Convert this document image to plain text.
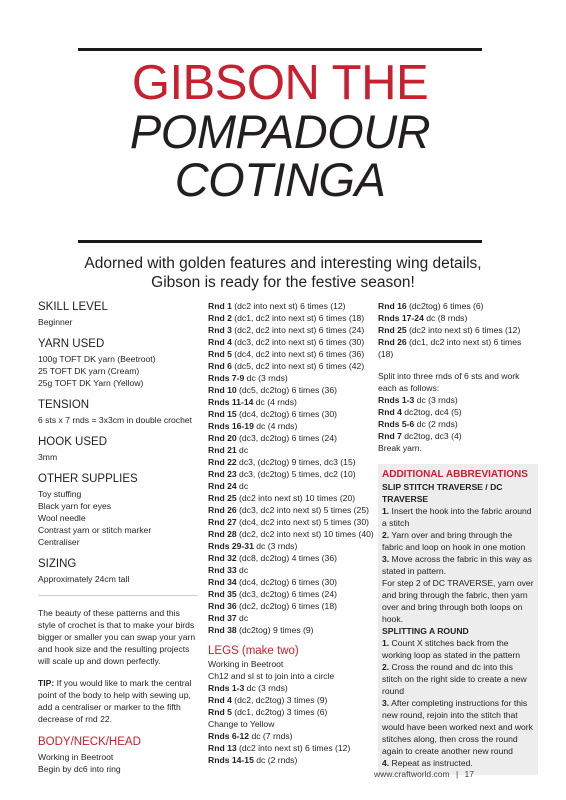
GIBSON THE
POMPADOUR
COTINGA
Adorned with golden features and interesting wing details, Gibson is ready for the festive season!
SKILL LEVEL
Beginner
YARN USED
100g TOFT DK yarn (Beetroot)
25 TOFT DK yarn (Cream)
25g TOFT DK Yarn (Yellow)
TENSION
6 sts x 7 rnds = 3x3cm in double crochet
HOOK USED
3mm
OTHER SUPPLIES
Toy stuffing
Black yarn for eyes
Wool needle
Contrast yarn or stitch marker
Centraliser
SIZING
Approximately 24cm tall
The beauty of these patterns and this style of crochet is that to make your birds bigger or smaller you can swap your yarn and hook size and the resulting projects will scale up and down perfectly.
TIP: If you would like to mark the central point of the body to help with sewing up, add a centraliser or marker to the fifth decrease of rnd 22.
BODY/NECK/HEAD
Working in Beetroot
Begin by dc6 into ring
Rnd 1 (dc2 into next st) 6 times (12)
Rnd 2 (dc1, dc2 into next st) 6 times (18)
Rnd 3 (dc2, dc2 into next st) 6 times (24)
Rnd 4 (dc3, dc2 into next st) 6 times (30)
Rnd 5 (dc4, dc2 into next st) 6 times (36)
Rnd 6 (dc5, dc2 into next st) 6 times (42)
Rnds 7-9 dc (3 rnds)
Rnd 10 (dc5, dc2tog) 6 times (36)
Rnds 11-14 dc (4 rnds)
Rnd 15 (dc4, dc2tog) 6 times (30)
Rnds 16-19 dc (4 rnds)
Rnd 20 (dc3, dc2tog) 6 times (24)
Rnd 21 dc
Rnd 22 dc3, (dc2tog) 9 times, dc3 (15)
Rnd 23 dc3, (dc2tog) 5 times, dc2 (10)
Rnd 24 dc
Rnd 25 (dc2 into next st) 10 times (20)
Rnd 26 (dc3, dc2 into next st) 5 times (25)
Rnd 27 (dc4, dc2 into next st) 5 times (30)
Rnd 28 (dc2, dc2 into next st) 10 times (40)
Rnds 29-31 dc (3 rnds)
Rnd 32 (dc8, dc2tog) 4 times (36)
Rnd 33 dc
Rnd 34 (dc4, dc2tog) 6 times (30)
Rnd 35 (dc3, dc2tog) 6 times (24)
Rnd 36 (dc2, dc2tog) 6 times (18)
Rnd 37 dc
Rnd 38 (dc2tog) 9 times (9)
LEGS (make two)
Working in Beetroot
Ch12 and sl st to join into a circle
Rnds 1-3 dc (3 rnds)
Rnd 4 (dc2, dc2tog) 3 times (9)
Rnd 5 (dc1, dc2tog) 3 times (6)
Change to Yellow
Rnds 6-12 dc (7 rnds)
Rnd 13 (dc2 into next st) 6 times (12)
Rnds 14-15 dc (2 rnds)
Rnd 16 (dc2tog) 6 times (6)
Rnds 17-24 dc (8 rnds)
Rnd 25 (dc2 into next st) 6 times (12)
Rnd 26 (dc1, dc2 into next st) 6 times (18)
Split into three rnds of 6 sts and work each as follows:
Rnds 1-3 dc (3 rnds)
Rnd 4 dc2tog, dc4 (5)
Rnds 5-6 dc (2 rnds)
Rnd 7 dc2tog, dc3 (4)
Break yarn.
ADDITIONAL ABBREVIATIONS
SLIP STITCH TRAVERSE / DC TRAVERSE
1. Insert the hook into the fabric around a stitch
2. Yarn over and bring through the fabric and loop on hook in one motion
3. Move across the fabric in this way as stated in pattern.
For step 2 of DC TRAVERSE, yarn over and bring through the fabric, then yarn over and bring through both loops on hook.
SPLITTING A ROUND
1. Count X stitches back from the working loop as stated in the pattern
2. Cross the round and dc into this stitch on the right side to create a new round
3. After completing instructions for this new round, rejoin into the stitch that would have been worked next and work stitches along, then cross the round again to create another new round
4. Repeat as instructed.
www.craftworld.com | 17
PassionForum.ru
